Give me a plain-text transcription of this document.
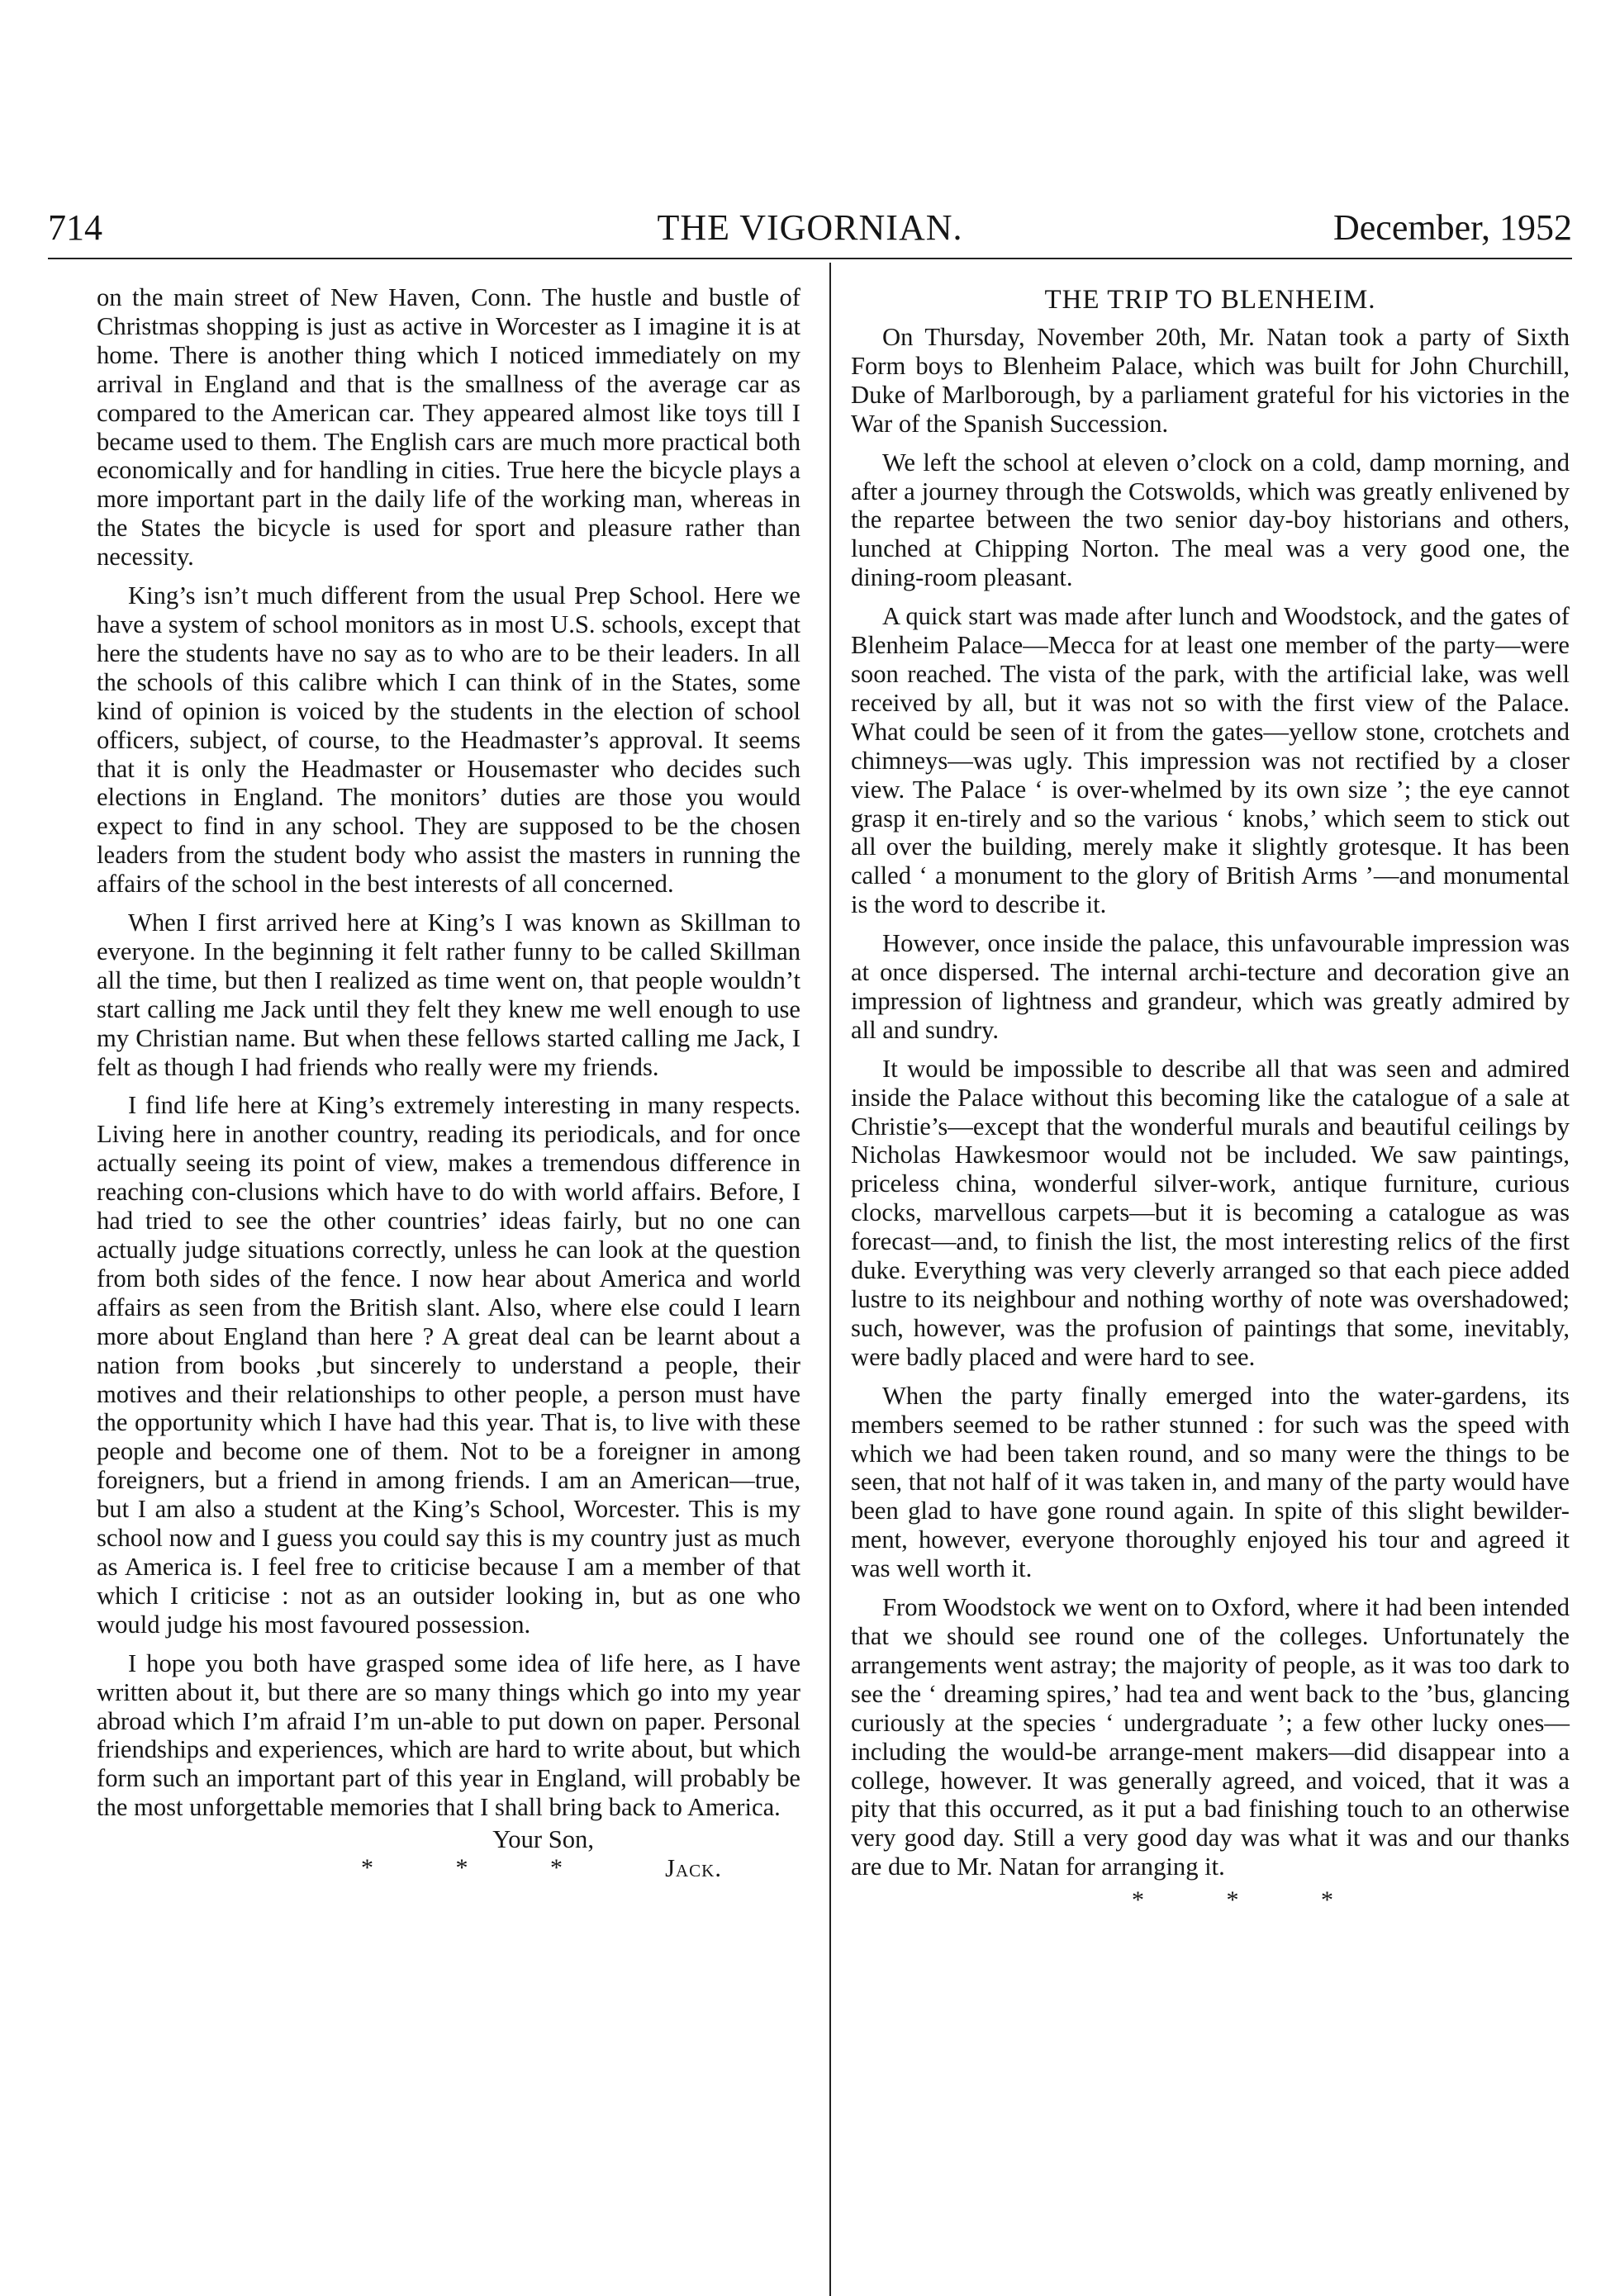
714	THE VIGORNIAN.	December, 1952

on the main street of New Haven, Conn. The hustle and bustle of Christmas shopping is just as active in Worcester as I imagine it is at home. There is another thing which I noticed immediately on my arrival in England and that is the smallness of the average car as compared to the American car. They appeared almost like toys till I became used to them. The English cars are much more practical both economically and for handling in cities. True here the bicycle plays a more important part in the daily life of the working man, whereas in the States the bicycle is used for sport and pleasure rather than necessity.

King’s isn’t much different from the usual Prep School. Here we have a system of school monitors as in most U.S. schools, except that here the students have no say as to who are to be their leaders. In all the schools of this calibre which I can think of in the States, some kind of opinion is voiced by the students in the election of school officers, subject, of course, to the Headmaster’s approval. It seems that it is only the Headmaster or Housemaster who decides such elections in England. The monitors’ duties are those you would expect to find in any school. They are supposed to be the chosen leaders from the student body who assist the masters in running the affairs of the school in the best interests of all concerned.

When I first arrived here at King’s I was known as Skillman to everyone. In the beginning it felt rather funny to be called Skillman all the time, but then I realized as time went on, that people wouldn’t start calling me Jack until they felt they knew me well enough to use my Christian name. But when these fellows started calling me Jack, I felt as though I had friends who really were my friends.

I find life here at King’s extremely interesting in many respects. Living here in another country, reading its periodicals, and for once actually seeing its point of view, makes a tremendous difference in reaching con-clusions which have to do with world affairs. Before, I had tried to see the other countries’ ideas fairly, but no one can actually judge situations correctly, unless he can look at the question from both sides of the fence. I now hear about America and world affairs as seen from the British slant. Also, where else could I learn more about England than here ? A great deal can be learnt about a nation from books ,but sincerely to understand a people, their motives and their relationships to other people, a person must have the opportunity which I have had this year. That is, to live with these people and become one of them. Not to be a foreigner in among foreigners, but a friend in among friends. I am an American—true, but I am also a student at the King’s School, Worcester. This is my school now and I guess you could say this is my country just as much as America is. I feel free to criticise because I am a member of that which I criticise : not as an outsider looking in, but as one who would judge his most favoured possession.

I hope you both have grasped some idea of life here, as I have written about it, but there are so many things which go into my year abroad which I’m afraid I’m un-able to put down on paper. Personal friendships and experiences, which are hard to write about, but which form such an important part of this year in England, will probably be the most unforgettable memories that I shall bring back to America.

Your Son,
* * *	Jack.
THE TRIP TO BLENHEIM.

On Thursday, November 20th, Mr. Natan took a party of Sixth Form boys to Blenheim Palace, which was built for John Churchill, Duke of Marlborough, by a parliament grateful for his victories in the War of the Spanish Succession.

We left the school at eleven o’clock on a cold, damp morning, and after a journey through the Cotswolds, which was greatly enlivened by the repartee between the two senior day-boy historians and others, lunched at Chipping Norton. The meal was a very good one, the dining-room pleasant.

A quick start was made after lunch and Woodstock, and the gates of Blenheim Palace—Mecca for at least one member of the party—were soon reached. The vista of the park, with the artificial lake, was well received by all, but it was not so with the first view of the Palace. What could be seen of it from the gates—yellow stone, crotchets and chimneys—was ugly. This impression was not rectified by a closer view. The Palace ‘ is over-whelmed by its own size ’; the eye cannot grasp it en-tirely and so the various ‘ knobs,’ which seem to stick out all over the building, merely make it slightly grotesque. It has been called ‘ a monument to the glory of British Arms ’—and monumental is the word to describe it.

However, once inside the palace, this unfavourable impression was at once dispersed. The internal archi-tecture and decoration give an impression of lightness and grandeur, which was greatly admired by all and sundry.

It would be impossible to describe all that was seen and admired inside the Palace without this becoming like the catalogue of a sale at Christie’s—except that the wonderful murals and beautiful ceilings by Nicholas Hawkesmoor would not be included. We saw paintings, priceless china, wonderful silver-work, antique furniture, curious clocks, marvellous carpets—but it is becoming a catalogue as was forecast—and, to finish the list, the most interesting relics of the first duke. Everything was very cleverly arranged so that each piece added lustre to its neighbour and nothing worthy of note was overshadowed; such, however, was the profusion of paintings that some, inevitably, were badly placed and were hard to see.

When the party finally emerged into the water-gardens, its members seemed to be rather stunned : for such was the speed with which we had been taken round, and so many were the things to be seen, that not half of it was taken in, and many of the party would have been glad to have gone round again. In spite of this slight bewilder-ment, however, everyone thoroughly enjoyed his tour and agreed it was well worth it.

From Woodstock we went on to Oxford, where it had been intended that we should see round one of the colleges. Unfortunately the arrangements went astray; the majority of people, as it was too dark to see the ‘ dreaming spires,’ had tea and went back to the ’bus, glancing curiously at the species ‘ undergraduate ’; a few other lucky ones—including the would-be arrange-ment makers—did disappear into a college, however. It was generally agreed, and voiced, that it was a pity that this occurred, as it put a bad finishing touch to an otherwise very good day. Still a very good day was what it was and our thanks are due to Mr. Natan for arranging it.

* * *
